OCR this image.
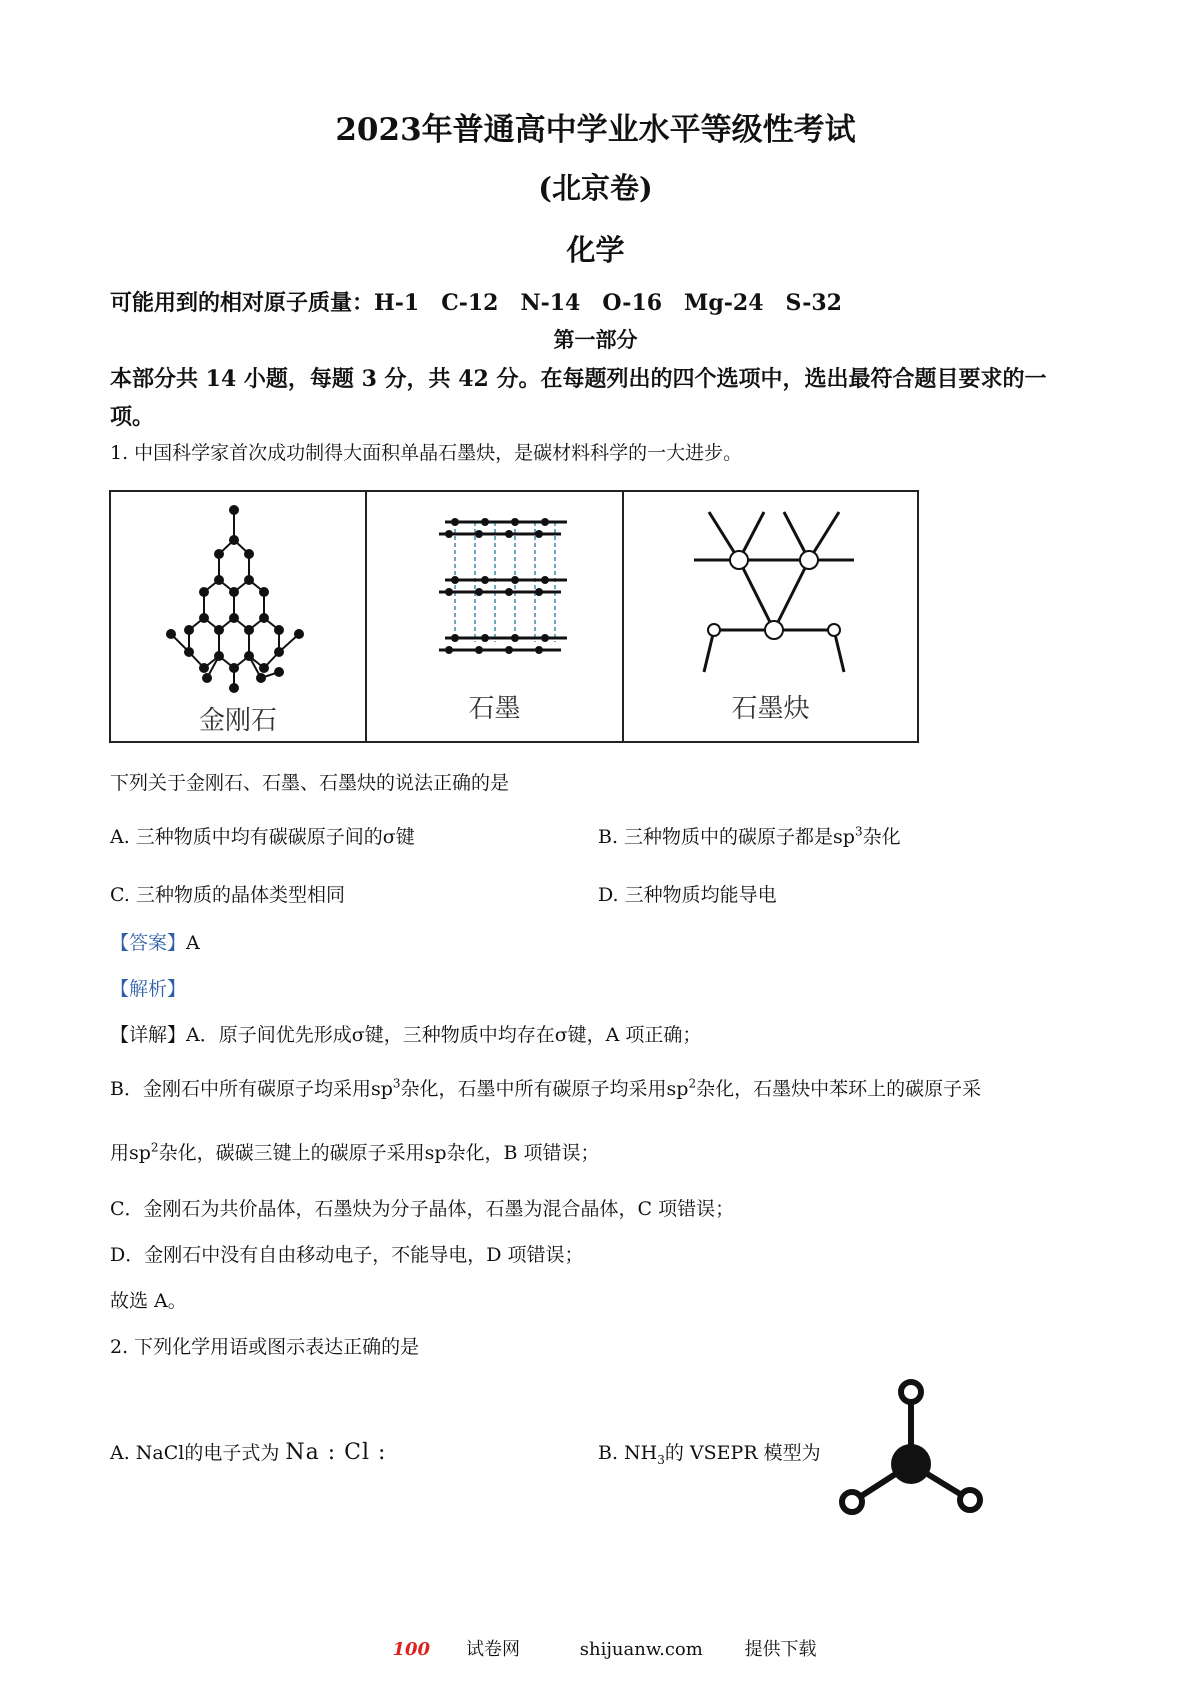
2023年普通高中学业水平等级性考试
(北京卷)
化学
可能用到的相对原子质量：H-1　C-12　N-14　O-16　Mg-24　S-32
第一部分
本部分共 14 小题，每题 3 分，共 42 分。在每题列出的四个选项中，选出最符合题目要求的一项。
1. 中国科学家首次成功制得大面积单晶石墨炔，是碳材料科学的一大进步。
金刚石	石墨	石墨炔
下列关于金刚石、石墨、石墨炔的说法正确的是
A. 三种物质中均有碳碳原子间的σ键	B. 三种物质中的碳原子都是$sp^3$杂化
C. 三种物质的晶体类型相同	D. 三种物质均能导电
【答案】A
【解析】
【详解】A．原子间优先形成σ键，三种物质中均存在σ键，A 项正确；
B．金刚石中所有碳原子均采用$sp^3$杂化，石墨中所有碳原子均采用$sp^2$杂化，石墨炔中苯环上的碳原子采
用$sp^2$杂化，碳碳三键上的碳原子采用sp杂化，B 项错误；
C．金刚石为共价晶体，石墨炔为分子晶体，石墨为混合晶体，C 项错误；
D．金刚石中没有自由移动电子，不能导电，D 项错误；
故选 A。
2. 下列化学用语或图示表达正确的是
A. NaCl的电子式为 Na : Cl :	B. $NH_3$的 VSEPR 模型为
100 试卷网	shijuanw.com 提供下载
